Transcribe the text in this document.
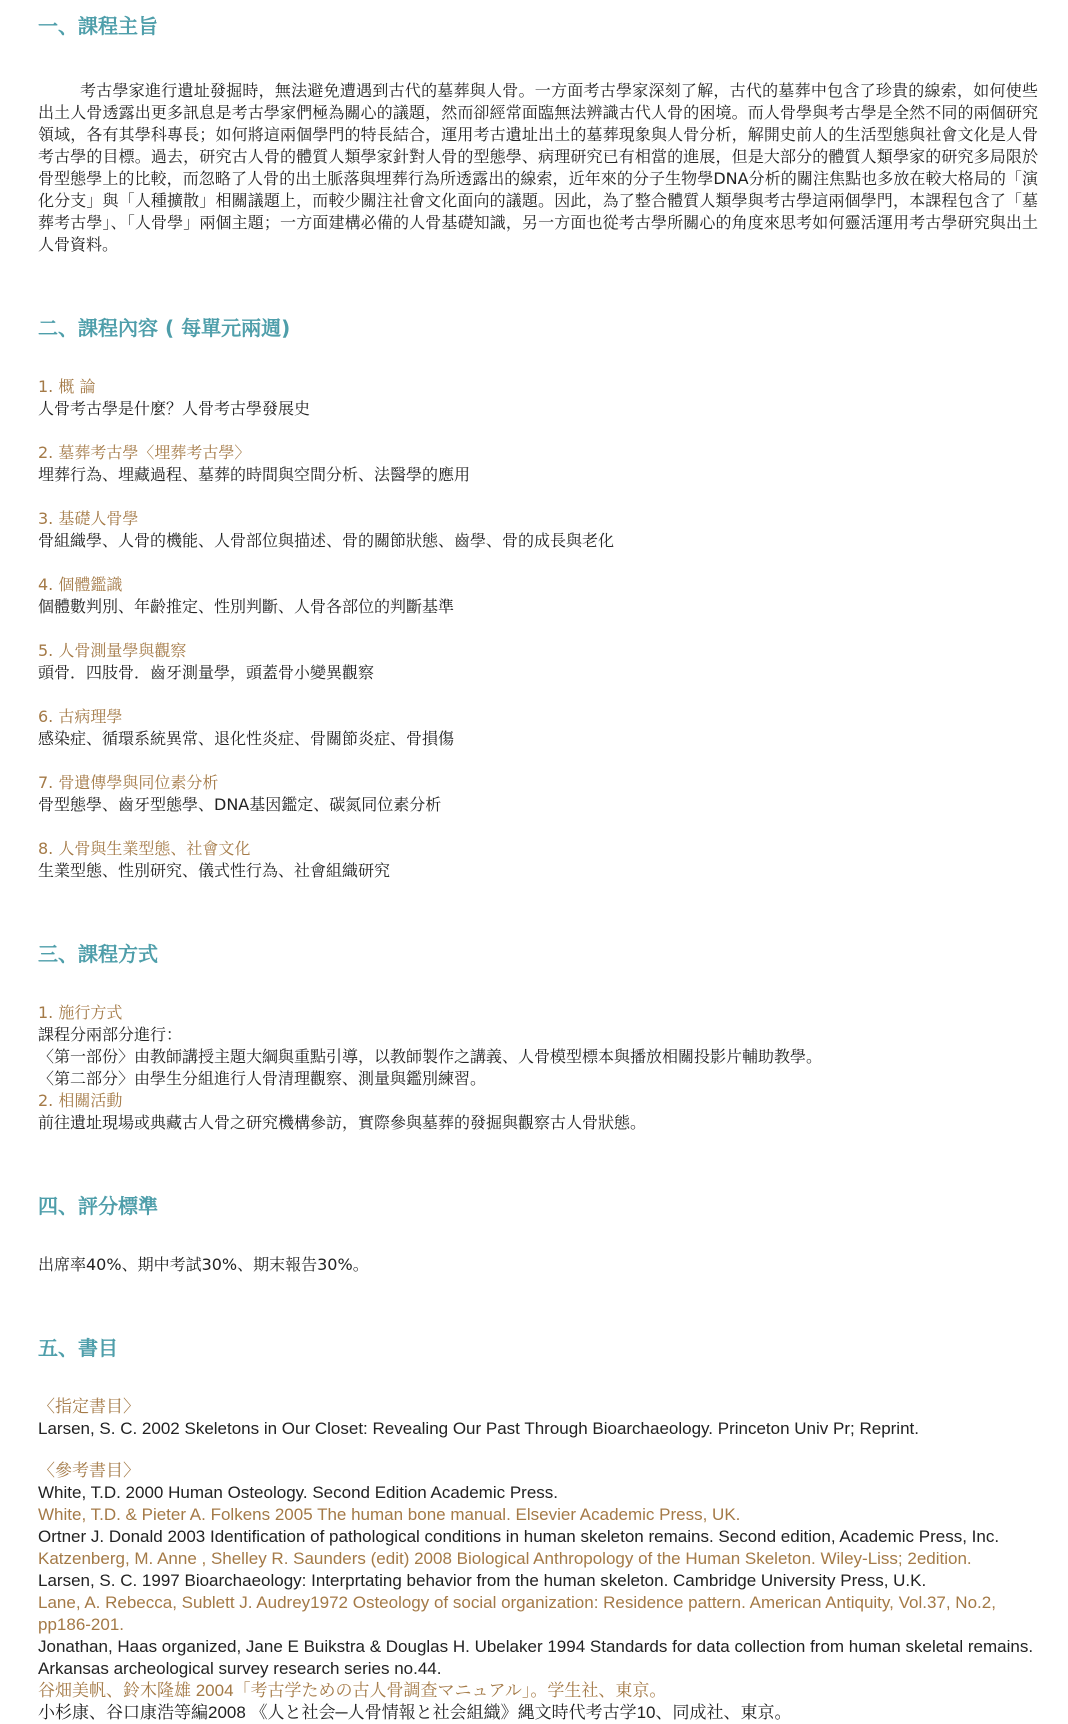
一、課程主旨

考古學家進行遺址發掘時，無法避免遭遇到古代的墓葬與人骨。一方面考古學家深刻了解，古代的墓葬中包含了珍貴的線索，如何使些出土人骨透露出更多訊息是考古學家們極為關心的議題，然而卻經常面臨無法辨識古代人骨的困境。而人骨學與考古學是全然不同的兩個研究領域，各有其學科專長；如何將這兩個學門的特長結合，運用考古遺址出土的墓葬現象與人骨分析，解開史前人的生活型態與社會文化是人骨考古學的目標。過去，研究古人骨的體質人類學家針對人骨的型態學、病理研究已有相當的進展，但是大部分的體質人類學家的研究多局限於骨型態學上的比較，而忽略了人骨的出土脈落與埋葬行為所透露出的線索，近年來的分子生物學DNA分析的關注焦點也多放在較大格局的「演化分支」與「人種擴散」相關議題上，而較少關注社會文化面向的議題。因此，為了整合體質人類學與考古學這兩個學門，本課程包含了「墓葬考古學」、「人骨學」兩個主題；一方面建構必備的人骨基礎知識，另一方面也從考古學所關心的角度來思考如何靈活運用考古學研究與出土人骨資料。

二、課程內容 ( 每單元兩週)
1. 概 論
人骨考古學是什麼？人骨考古學發展史
2. 墓葬考古學〈埋葬考古學〉
埋葬行為、埋藏過程、墓葬的時間與空間分析、法醫學的應用
3. 基礎人骨學
骨組織學、人骨的機能、人骨部位與描述、骨的關節狀態、齒學、骨的成長與老化
4. 個體鑑識
個體數判別、年齡推定、性別判斷、人骨各部位的判斷基準
5. 人骨測量學與觀察
頭骨．四肢骨．齒牙測量學，頭蓋骨小變異觀察
6. 古病理學
感染症、循環系統異常、退化性炎症、骨關節炎症、骨損傷
7. 骨遺傳學與同位素分析
骨型態學、齒牙型態學、DNA基因鑑定、碳氮同位素分析
8. 人骨與生業型態、社會文化
生業型態、性別研究、儀式性行為、社會組織研究
三、課程方式
1. 施行方式
課程分兩部分進行：
〈第一部份〉由教師講授主題大綱與重點引導，以教師製作之講義、人骨模型標本與播放相關投影片輔助教學。
〈第二部分〉由學生分組進行人骨清理觀察、測量與鑑別練習。
2. 相關活動
前往遺址現場或典藏古人骨之研究機構參訪，實際參與墓葬的發掘與觀察古人骨狀態。
四、評分標準
出席率40%、期中考試30%、期末報告30%。
五、書目
〈指定書目〉
Larsen, S. C. 2002 Skeletons in Our Closet: Revealing Our Past Through Bioarchaeology. Princeton Univ Pr; Reprint.
〈參考書目〉
White, T.D. 2000 Human Osteology. Second Edition Academic Press.
White, T.D. & Pieter A. Folkens 2005 The human bone manual. Elsevier Academic Press, UK.
Ortner J. Donald 2003 Identification of pathological conditions in human skeleton remains. Second edition, Academic Press, Inc.
Katzenberg, M. Anne , Shelley R. Saunders (edit) 2008 Biological Anthropology of the Human Skeleton. Wiley-Liss; 2edition.
Larsen, S. C. 1997 Bioarchaeology: Interprtating behavior from the human skeleton. Cambridge University Press, U.K.
Lane, A. Rebecca, Sublett J. Audrey1972 Osteology of social organization: Residence pattern. American Antiquity, Vol.37, No.2, pp186-201.
Jonathan, Haas organized, Jane E Buikstra & Douglas H. Ubelaker 1994 Standards for data collection from human skeletal remains. Arkansas archeological survey research series no.44.
谷畑美帆、鈴木隆雄 2004「考古学ための古人骨調查マニュアル」。学生社、東京。
小杉康、谷口康浩等編2008 《人と社会─人骨情報と社会組織》縄文時代考古学10、同成社、東京。
